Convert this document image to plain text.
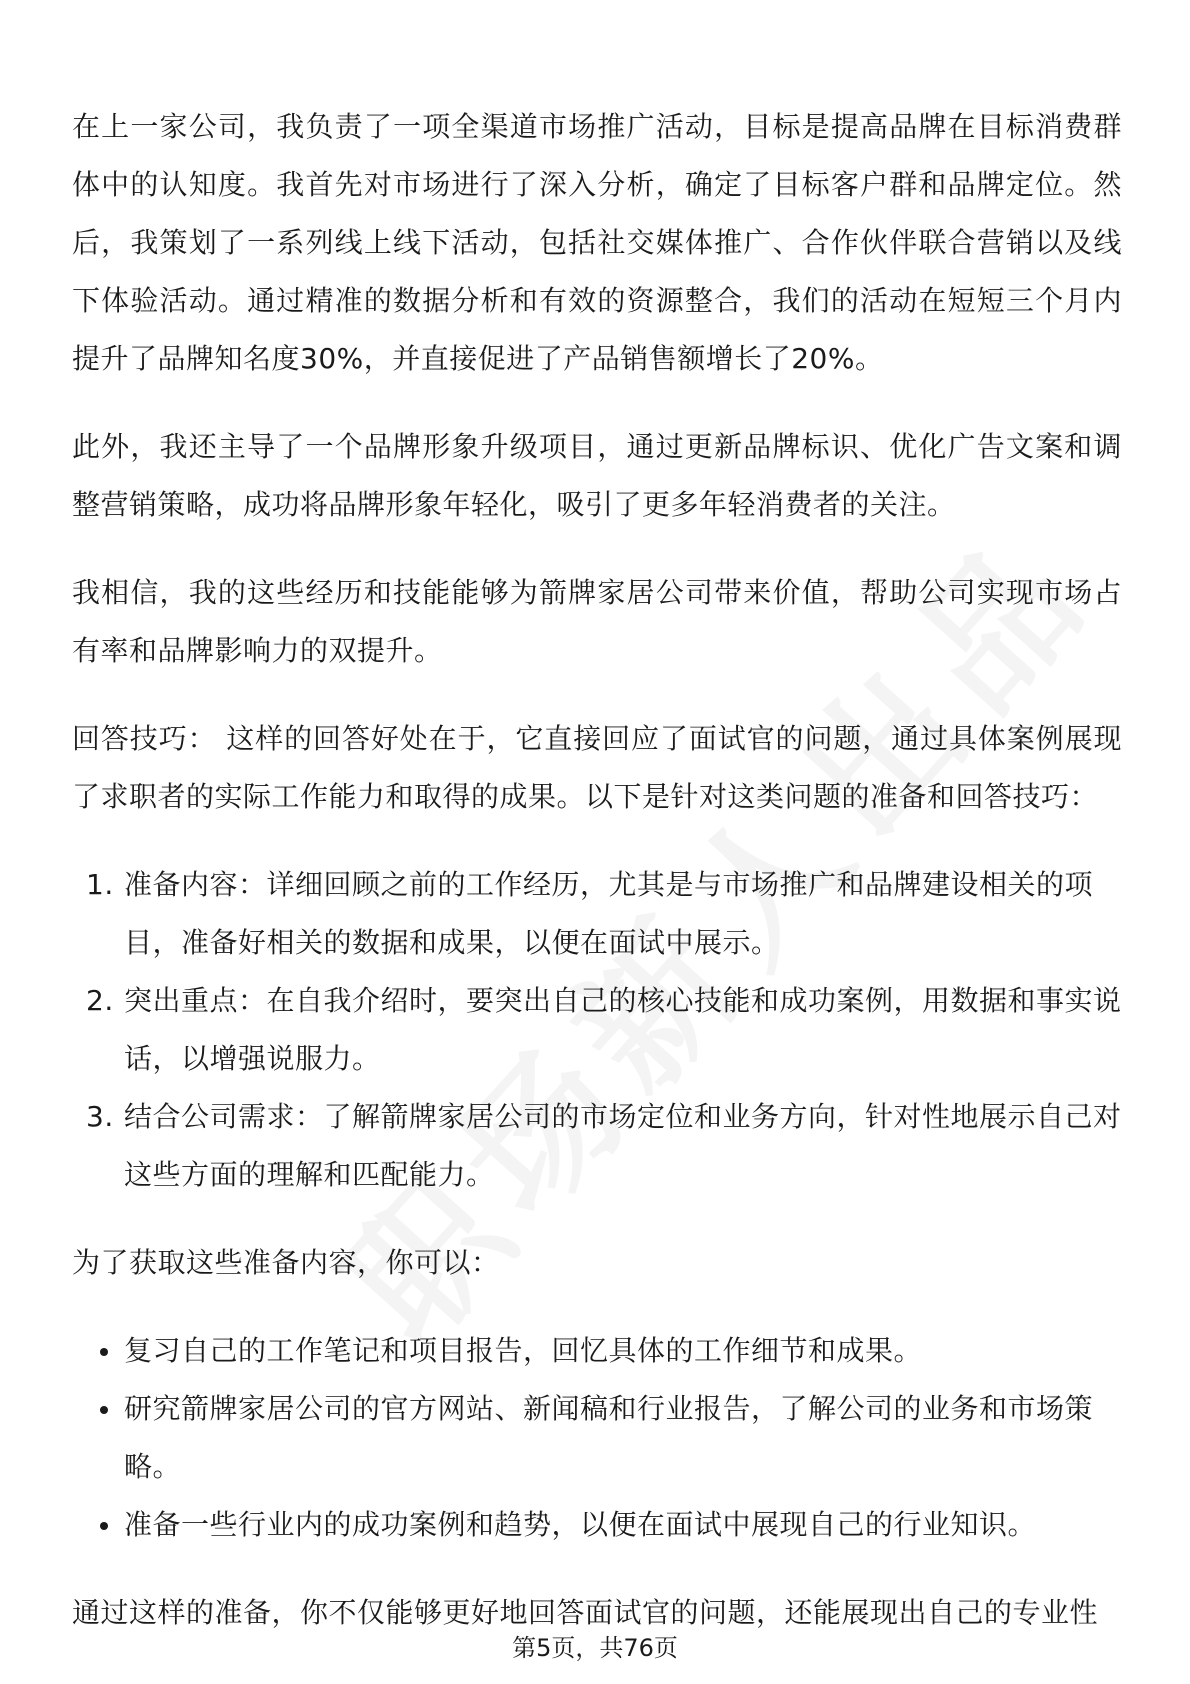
在上一家公司，我负责了一项全渠道市场推广活动，目标是提高品牌在目标消费群体中的认知度。我首先对市场进行了深入分析，确定了目标客户群和品牌定位。然后，我策划了一系列线上线下活动，包括社交媒体推广、合作伙伴联合营销以及线下体验活动。通过精准的数据分析和有效的资源整合，我们的活动在短短三个月内提升了品牌知名度30%，并直接促进了产品销售额增长了20%。

此外，我还主导了一个品牌形象升级项目，通过更新品牌标识、优化广告文案和调整营销策略，成功将品牌形象年轻化，吸引了更多年轻消费者的关注。

我相信，我的这些经历和技能能够为箭牌家居公司带来价值，帮助公司实现市场占有率和品牌影响力的双提升。

回答技巧： 这样的回答好处在于，它直接回应了面试官的问题，通过具体案例展现了求职者的实际工作能力和取得的成果。以下是针对这类问题的准备和回答技巧：

1. 准备内容：详细回顾之前的工作经历，尤其是与市场推广和品牌建设相关的项目，准备好相关的数据和成果，以便在面试中展示。
2. 突出重点：在自我介绍时，要突出自己的核心技能和成功案例，用数据和事实说话，以增强说服力。
3. 结合公司需求：了解箭牌家居公司的市场定位和业务方向，针对性地展示自己对这些方面的理解和匹配能力。

为了获取这些准备内容，你可以：

复习自己的工作笔记和项目报告，回忆具体的工作细节和成果。
研究箭牌家居公司的官方网站、新闻稿和行业报告，了解公司的业务和市场策略。
准备一些行业内的成功案例和趋势，以便在面试中展现自己的行业知识。

通过这样的准备，你不仅能够更好地回答面试官的问题，还能展现出自己的专业性

第5页，共76页
